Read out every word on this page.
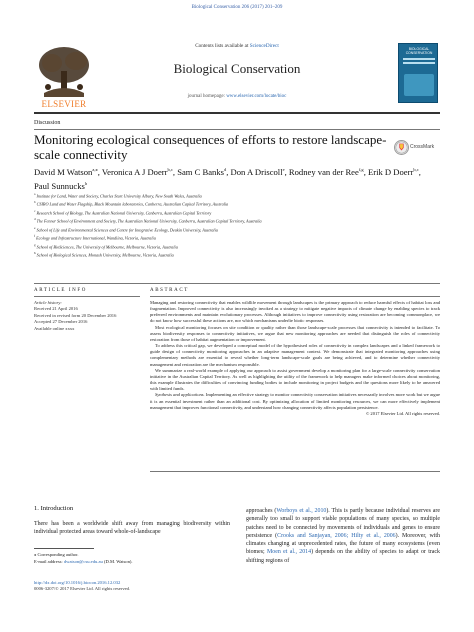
Biological Conservation 206 (2017) 201–209
ELSEVIER
Contents lists available at ScienceDirect
Biological Conservation
journal homepage: www.elsevier.com/locate/bioc
BIOLOGICAL CONSERVATION
Discussion
Monitoring ecological consequences of efforts to restore landscape-scale connectivity	CrossMark
David M Watson$^{a,⁎}$, Veronica A J Doerr$^{b,c}$, Sam C Banks$^d$, Don A Driscoll$^e$, Rodney van der Ree$^{f,g}$, Erik D Doerr$^{b,c}$, Paul Sunnucks$^h$
$^a$ Institute for Land, Water and Society, Charles Sturt University Albury, New South Wales, Australia
$^b$ CSIRO Land and Water Flagship, Black Mountain laboratories, Canberra, Australian Capital Territory, Australia
$^c$ Research School of Biology, The Australian National University, Canberra, Australian Capital Territory
$^d$ The Fenner School of Environment and Society, The Australian National University, Canberra, Australian Capital Territory, Australia
$^e$ School of Life and Environmental Sciences and Centre for Integrative Ecology, Deakin University, Australia
$^f$ Ecology and Infrastructure International, Wandiina, Victoria, Australia
$^g$ School of BioSciences, The University of Melbourne, Melbourne, Victoria, Australia
$^h$ School of Biological Sciences, Monash University, Melbourne, Victoria, Australia
ARTICLE INFO	ABSTRACT
Article history:
Received 21 April 2016
Received in revised form 20 December 2016
Accepted 27 December 2016
Available online xxxx

Managing and restoring connectivity that enables wildlife movement through landscapes is the primary approach to reduce harmful effects of habitat loss and fragmentation. Improved connectivity is also increasingly invoked as a strategy to mitigate negative impacts of climate change by enabling species to track preferred environments and maintain evolutionary processes. Although initiatives to improve connectivity using restoration are becoming commonplace, we do not know how successful these actions are, nor which mechanisms underlie biotic responses.

Most ecological monitoring focuses on site condition or quality rather than those landscape-scale processes that connectivity is intended to facilitate. To assess biodiversity responses to connectivity initiatives, we argue that new monitoring approaches are needed that distinguish the roles of connectivity restoration from those of habitat augmentation or improvement.

To address this critical gap, we developed a conceptual model of the hypothesised roles of connectivity in complex landscapes and a linked framework to guide design of connectivity monitoring approaches in an adaptive management context. We demonstrate that integrated monitoring approaches using complementary methods are essential to reveal whether long-term landscape-scale goals are being achieved, and to determine whether connectivity management and restoration are the mechanism responsible.

We summarize a real-world example of applying our approach to assist government develop a monitoring plan for a large-scale connectivity conservation initiative in the Australian Capital Territory. As well as highlighting the utility of the framework to help managers make informed choices about monitoring, this example illustrates the difficulties of convincing funding bodies to include monitoring in project budgets and the questions more likely to be answered with limited funds.

Synthesis and applications. Implementing an effective strategy to monitor connectivity conservation initiatives necessarily involves more work but we argue it is an essential investment rather than an additional cost. By optimizing allocation of limited monitoring resources, we can more effectively implement management that improves functional connectivity, and understand how changing connectivity affects population persistence.

© 2017 Elsevier Ltd. All rights reserved.

1. Introduction
There has been a worldwide shift away from managing biodiversity within individual protected areas toward whole-of-landscape
approaches (Worboys et al., 2010). This is partly because individual reserves are generally too small to support viable populations of many species, so multiple patches need to be connected by movements of individuals and genes to ensure persistence (Crooks and Sanjayan, 2006; Hilty et al., 2006). Moreover, with climates changing at unprecedented rates, the future of many ecosystems (even biomes; Moen et al., 2014) depends on the ability of species to adapt or track shifting regions of
⁎ Corresponding author.
E-mail address: dwatson@csu.edu.au (D.M. Watson).
http://dx.doi.org/10.1016/j.biocon.2016.12.032
0006-3207/© 2017 Elsevier Ltd. All rights reserved.
